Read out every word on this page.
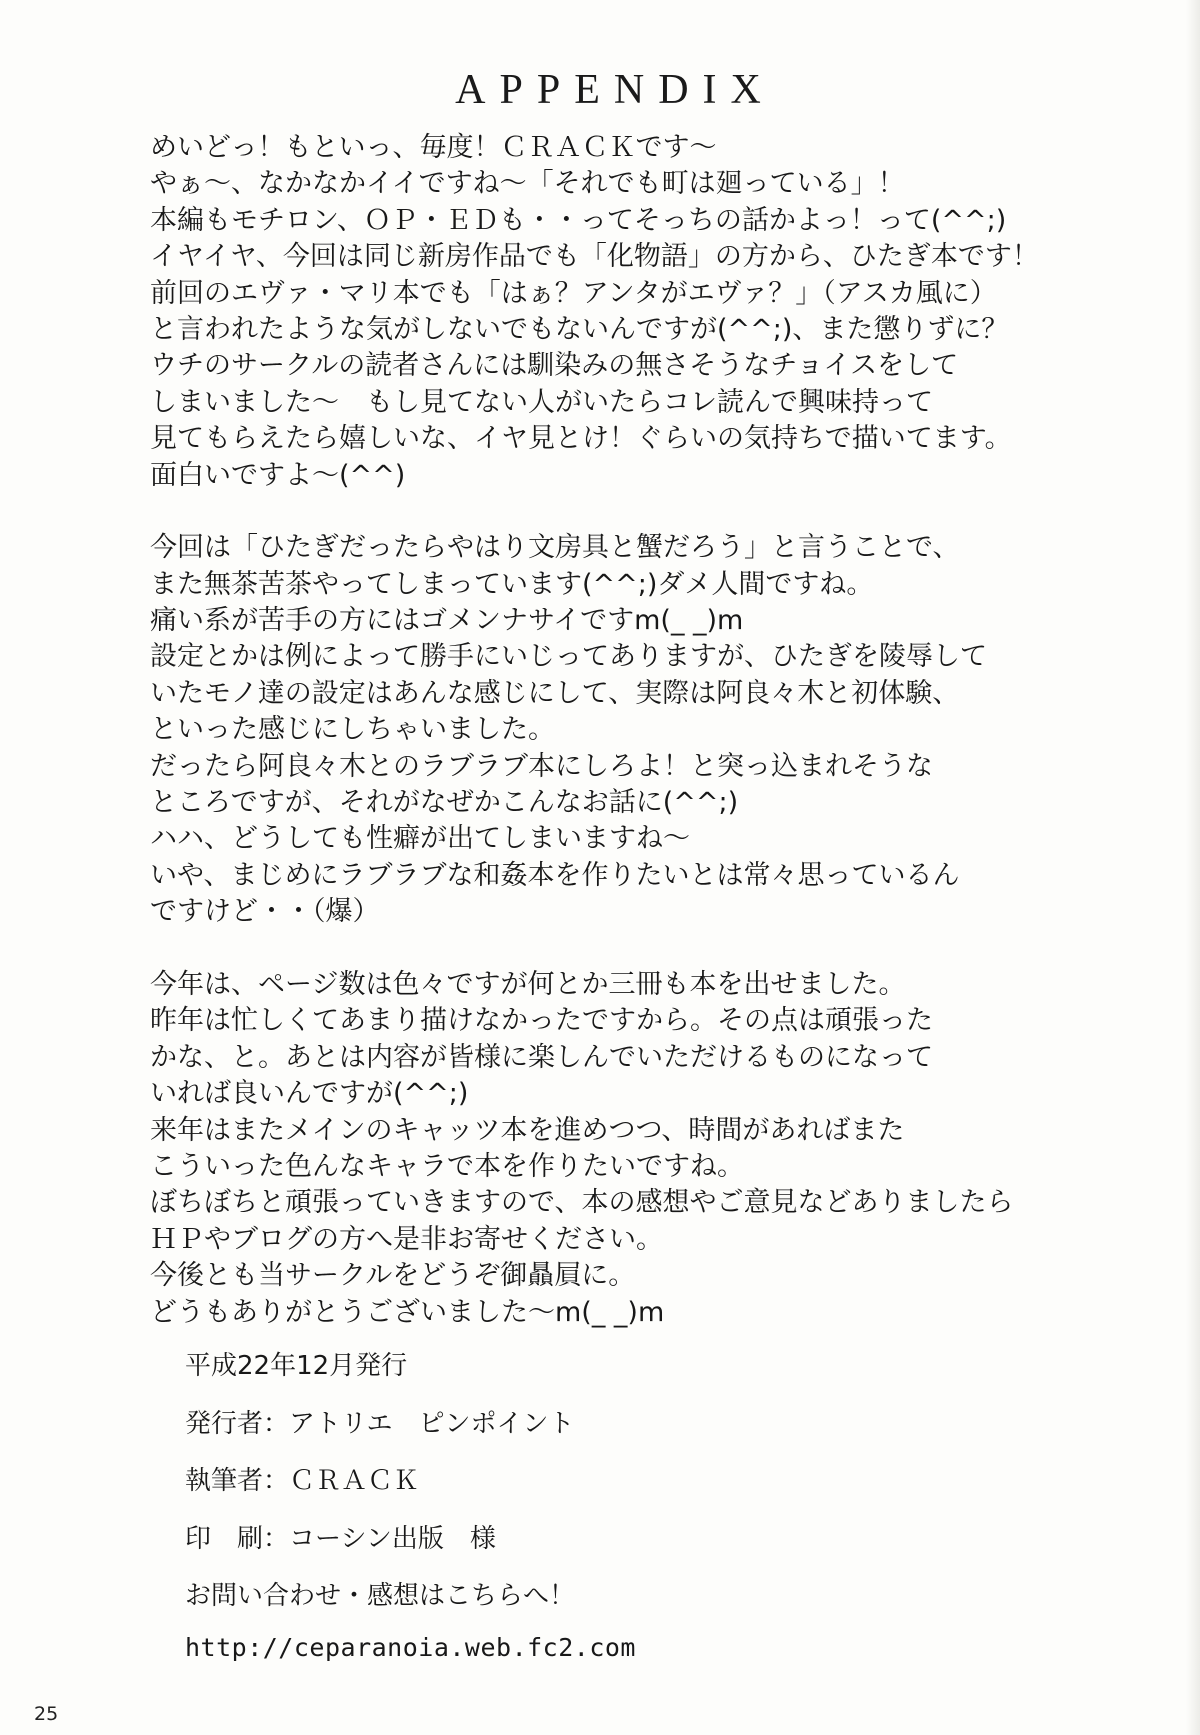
APPENDIX
めいどっ！もといっ、毎度！ＣＲＡＣＫです～
やぁ～、なかなかイイですね～「それでも町は廻っている」！
本編もモチロン、ＯＰ・ＥＤも・・ってそっちの話かよっ！って(^^;)
イヤイヤ、今回は同じ新房作品でも「化物語」の方から、ひたぎ本です！
前回のエヴァ・マリ本でも「はぁ？アンタがエヴァ？」（アスカ風に）
と言われたような気がしないでもないんですが(^^;)、また懲りずに？
ウチのサークルの読者さんには馴染みの無さそうなチョイスをして
しまいました～　もし見てない人がいたらコレ読んで興味持って
見てもらえたら嬉しいな、イヤ見とけ！ぐらいの気持ちで描いてます。
面白いですよ～(^^)
今回は「ひたぎだったらやはり文房具と蟹だろう」と言うことで、
また無茶苦茶やってしまっています(^^;)ダメ人間ですね。
痛い系が苦手の方にはゴメンナサイですm(_ _)m
設定とかは例によって勝手にいじってありますが、ひたぎを陵辱して
いたモノ達の設定はあんな感じにして、実際は阿良々木と初体験、
といった感じにしちゃいました。
だったら阿良々木とのラブラブ本にしろよ！と突っ込まれそうな
ところですが、それがなぜかこんなお話に(^^;)
ハハ、どうしても性癖が出てしまいますね～
いや、まじめにラブラブな和姦本を作りたいとは常々思っているん
ですけど・・（爆）
今年は、ページ数は色々ですが何とか三冊も本を出せました。
昨年は忙しくてあまり描けなかったですから。その点は頑張った
かな、と。あとは内容が皆様に楽しんでいただけるものになって
いれば良いんですが(^^;)
来年はまたメインのキャッツ本を進めつつ、時間があればまた
こういった色んなキャラで本を作りたいですね。
ぼちぼちと頑張っていきますので、本の感想やご意見などありましたら
ＨＰやブログの方へ是非お寄せください。
今後とも当サークルをどうぞ御贔屓に。
どうもありがとうございました～m(_ _)m
平成22年12月発行
発行者：アトリエ　ピンポイント
執筆者：ＣＲＡＣＫ
印　刷：コーシン出版　様
お問い合わせ・感想はこちらへ！
http://ceparanoia.web.fc2.com
25
